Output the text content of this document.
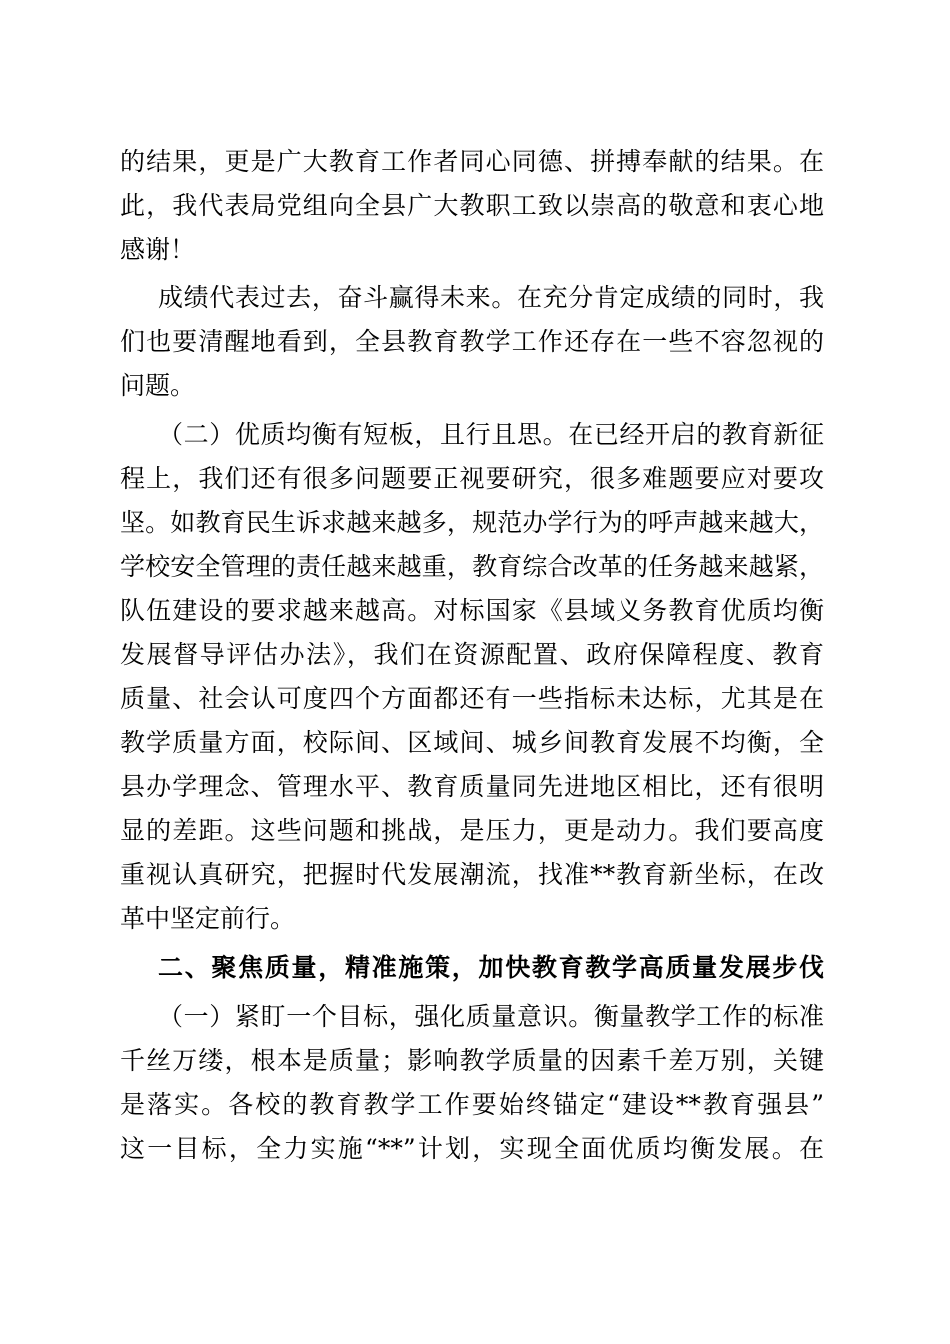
的结果，更是广大教育工作者同心同德、拼搏奉献的结果。在
此，我代表局党组向全县广大教职工致以崇高的敬意和衷心地
感谢！
成绩代表过去，奋斗赢得未来。在充分肯定成绩的同时，我
们也要清醒地看到，全县教育教学工作还存在一些不容忽视的
问题。
（二）优质均衡有短板，且行且思。在已经开启的教育新征
程上，我们还有很多问题要正视要研究，很多难题要应对要攻
坚。如教育民生诉求越来越多，规范办学行为的呼声越来越大，
学校安全管理的责任越来越重，教育综合改革的任务越来越紧，
队伍建设的要求越来越高。对标国家《县域义务教育优质均衡
发展督导评估办法》，我们在资源配置、政府保障程度、教育
质量、社会认可度四个方面都还有一些指标未达标，尤其是在
教学质量方面，校际间、区域间、城乡间教育发展不均衡，全
县办学理念、管理水平、教育质量同先进地区相比，还有很明
显的差距。这些问题和挑战，是压力，更是动力。我们要高度
重视认真研究，把握时代发展潮流，找准**教育新坐标，在改
革中坚定前行。
二、聚焦质量，精准施策，加快教育教学高质量发展步伐
（一）紧盯一个目标，强化质量意识。衡量教学工作的标准
千丝万缕，根本是质量；影响教学质量的因素千差万别，关键
是落实。各校的教育教学工作要始终锚定“建设**教育强县”
这一目标，全力实施“**”计划，实现全面优质均衡发展。在
